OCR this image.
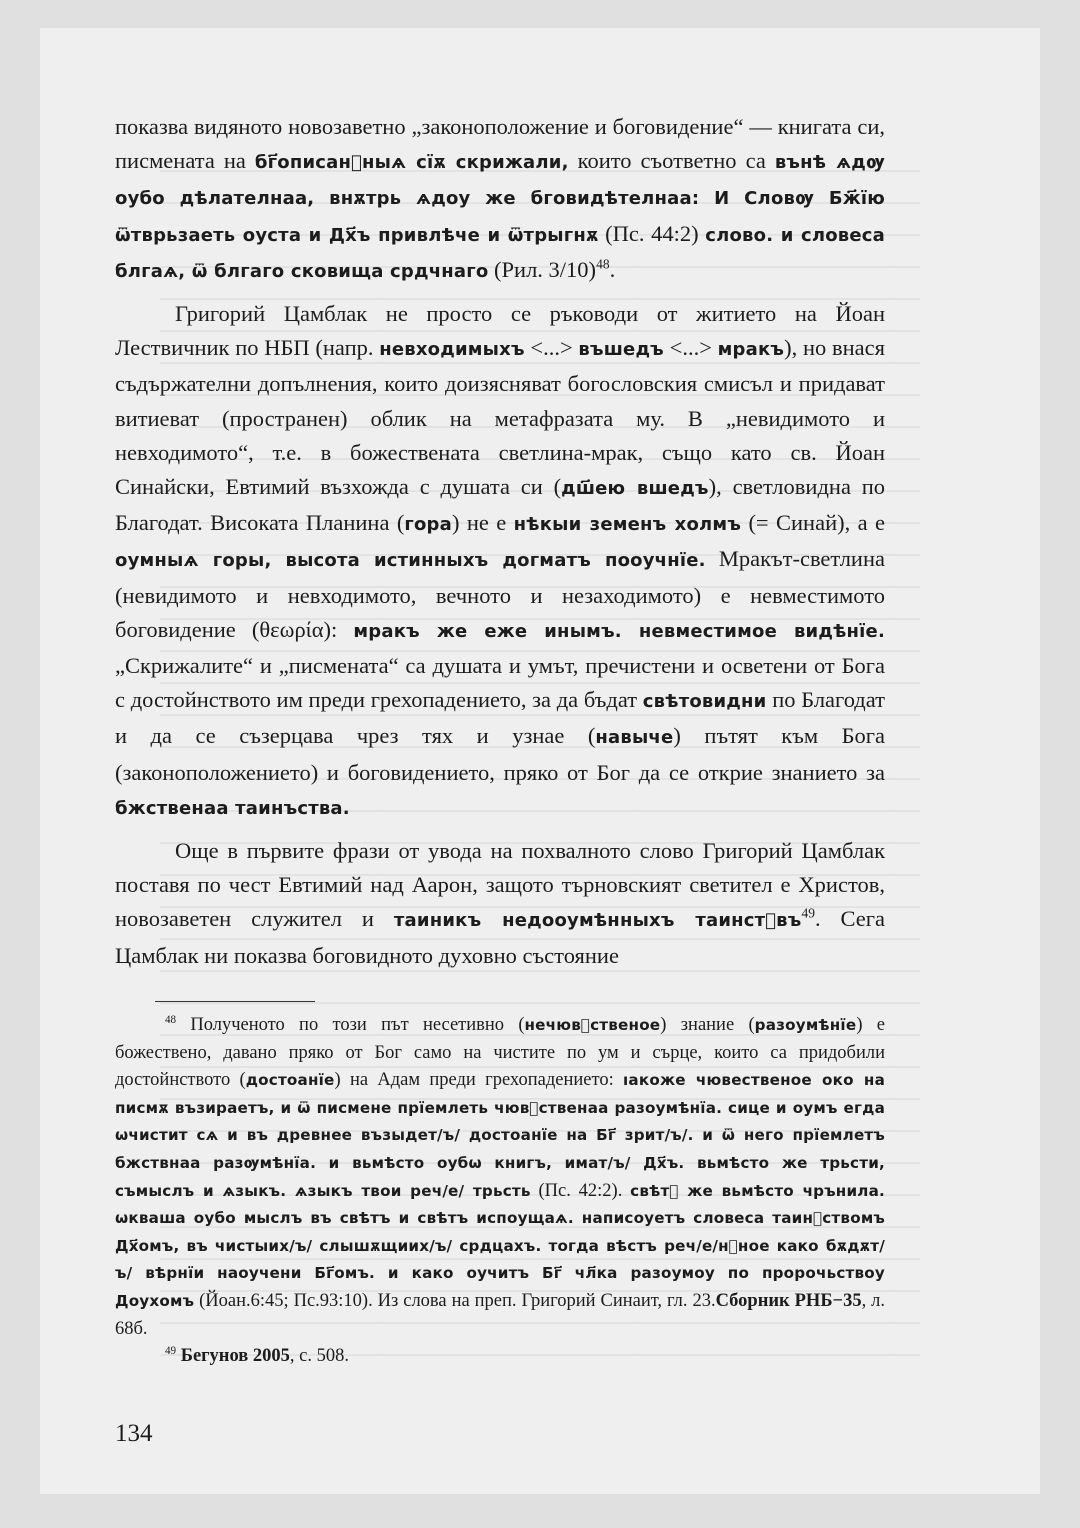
показва видяното новозаветно „законоположение и боговидение“ — книгата си, писмената на бг҃описан꙽ныѧ сїѫ скрижали, които съответно са вънѣ ѧдѹ оубо дѣлателнаа, внѫтрь ѧдоу же бговидѣтелнаа: И Словѹ Бж҃їю ѿтврьзаеть оуста и Дх҃ъ привлѣче и ѿтрыгнѫ (Пс. 44:2) слово. и словеса блгаѧ, ѿ блгаго сковища срдчнаго (Рил. 3/10)$^{48}$.

Григорий Цамблак не просто се ръководи от житието на Йоан Лествичник по НБП (напр. невходимыхъ <...> въшедъ <...> мракъ), но внася съдържателни допълнения, които доизясняват богословския смисъл и придават витиеват (пространен) облик на метафразата му. В „невидимото и невходимото“, т.е. в божествената светлина-мрак, също като св. Йоан Синайски, Евтимий възхожда с душата си (дш҃ею вшедъ), светловидна по Благодат. Високата Планина (гора) не е нѣкыи земенъ холмъ (= Синай), а е оумныѧ горы, высота истинныхъ догматъ пооучнїе. Мракът-светлина (невидимото и невходимото, вечното и незаходимото) е невместимото боговидение (θεωρία): мракъ же еже инымъ. невместимое видѣнїе. „Скрижалите“ и „писмената“ са душата и умът, пречистени и осветени от Бога с достойнството им преди грехопадението, за да бъдат свѣтовидни по Благодат и да се съзерцава чрез тях и узнае (навыче) пътят към Бога (законоположението) и боговидението, пряко от Бог да се открие знанието за бжcтвенаа таинъства.

Още в първите фрази от увода на похвалното слово Григорий Цамблак поставя по чест Евтимий над Аарон, защото търновският светител е Христов, новозаветен служител и таиникъ недооумѣнныхъ $таинст꙽въ^{49}$. Сега Цамблак ни показва боговидното духовно състояние

$^{48}$ Полученото по този път несетивно (нечюв꙽ственое) знание (разоумѣнїе) е божествено, давано пряко от Бог само на чистите по ум и сърце, които са придобили достойнството (достоанїе) на Адам преди грехопадението: ıакоже чювественое око на писмѫ възираетъ, и ѿ писмене прїемлеть чюв꙽ственаа разоумѣнїа. сице и оумъ егда ѡчистит сѧ и въ древнее възыдет/ъ/ достоанїе на Бг҃ зрит/ъ/. и ѿ него прїемлетъ бжcтвнаа разѹмѣнїа. и вьмѣсто оубѡ книгъ, имат/ъ/ Дх҃ъ. вьмѣсто же трьсти, съмыслъ и ѧзыкъ. ѧзыкъ твои реч/е/ трьсть (Пс. 42:2). свѣт꙽ же вьмѣсто чрънила. ѡкваша оубо мыслъ въ свѣтъ и свѣтъ испоущаѧ. написоуетъ словеса таин꙽ствомъ Дх҃омъ, въ чистыих/ъ/ слышѫщиих/ъ/ срдцахъ. тогда вѣстъ реч/е/н꙽ное како бѫдѫт/ъ/ вѣрнїи наоучени Бг҃омъ. и како оучитъ Бг҃ чл҃ка разоумоу по пророчьствоу Доухомъ (Йоан.6:45; Пс.93:10). Из слова на преп. Григорий Синаит, гл. 23.Сборник РНБ−35, л. 68б.

$^{49}$ Бегунов 2005, с. 508.

134
